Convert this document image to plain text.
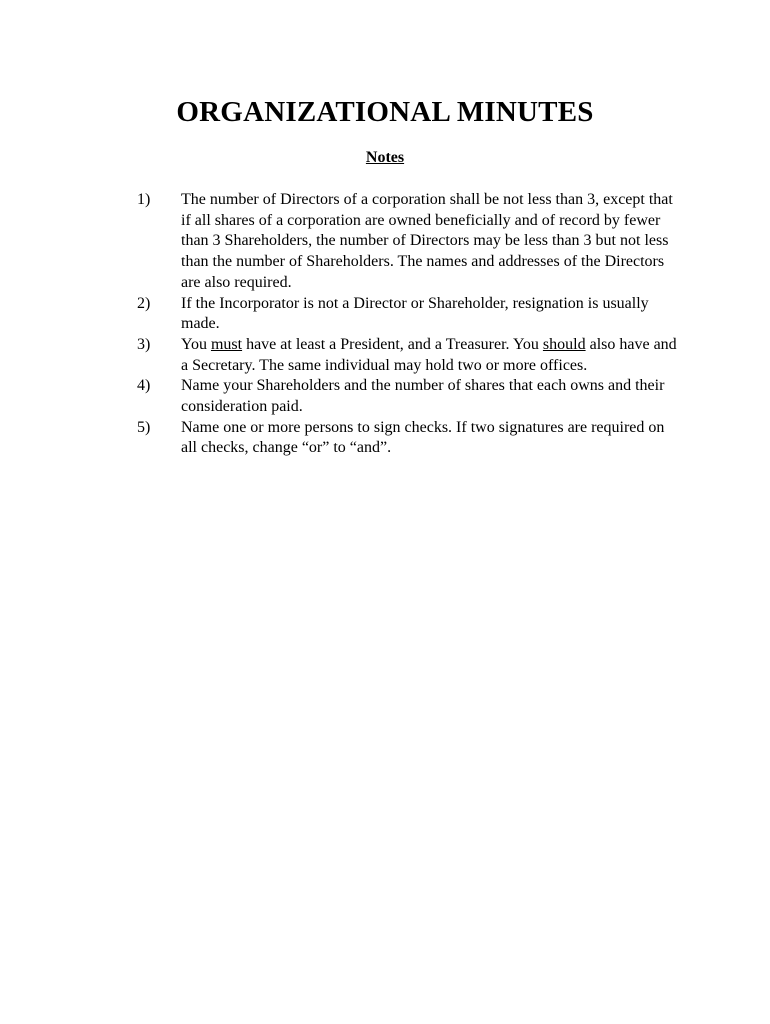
ORGANIZATIONAL MINUTES
Notes
1) The number of Directors of a corporation shall be not less than 3, except that if all shares of a corporation are owned beneficially and of record by fewer than 3 Shareholders, the number of Directors may be less than 3 but not less than the number of Shareholders. The names and addresses of the Directors are also required.
2) If the Incorporator is not a Director or Shareholder, resignation is usually made.
3) You must have at least a President, and a Treasurer. You should also have and a Secretary. The same individual may hold two or more offices.
4) Name your Shareholders and the number of shares that each owns and their consideration paid.
5) Name one or more persons to sign checks. If two signatures are required on all checks, change “or” to “and”.
